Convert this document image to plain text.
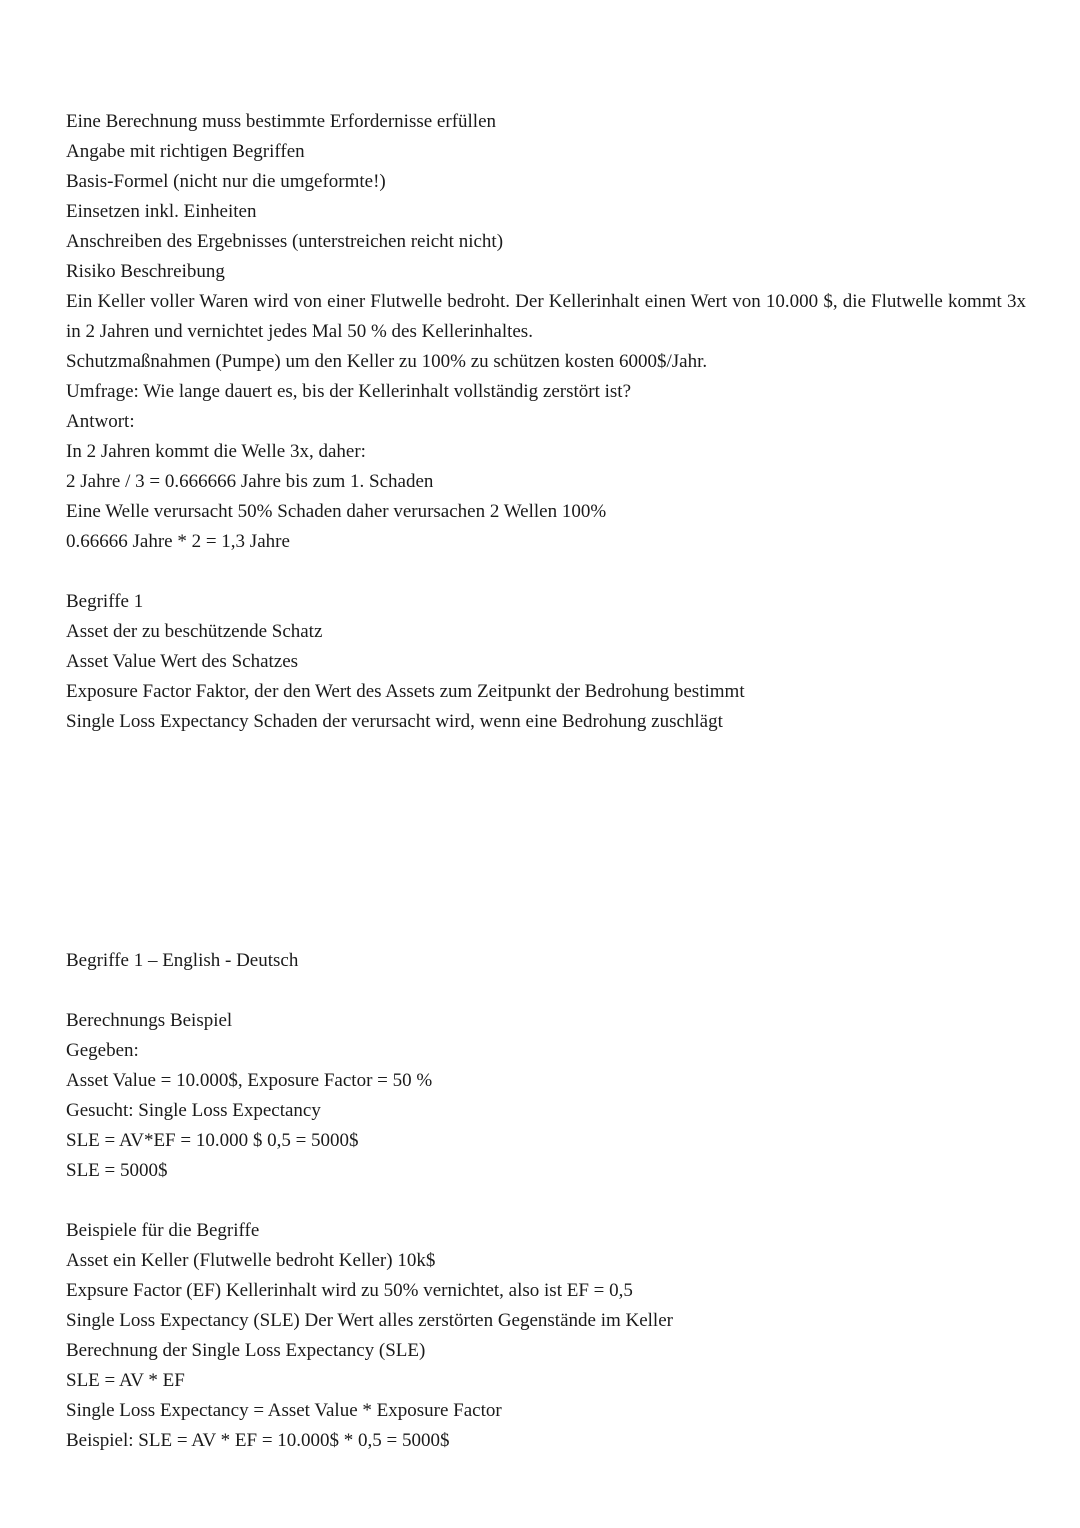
Eine Berechnung muss bestimmte Erfordernisse erfüllen
Angabe mit richtigen Begriffen
Basis-Formel (nicht nur die umgeformte!)
Einsetzen inkl. Einheiten
Anschreiben des Ergebnisses (unterstreichen reicht nicht)
Risiko Beschreibung
Ein Keller voller Waren wird von einer Flutwelle bedroht. Der Kellerinhalt einen Wert von 10.000 $, die Flutwelle kommt 3x in 2 Jahren und vernichtet jedes Mal 50 % des Kellerinhaltes.
Schutzmaßnahmen (Pumpe) um den Keller zu 100% zu schützen kosten 6000$/Jahr.
Umfrage: Wie lange dauert es, bis der Kellerinhalt vollständig zerstört ist?
Antwort:
In 2 Jahren kommt die Welle 3x, daher:
2 Jahre / 3 = 0.666666 Jahre bis zum 1. Schaden
Eine Welle verursacht 50% Schaden daher verursachen 2 Wellen 100%
0.66666 Jahre * 2 = 1,3 Jahre
Begriffe 1
Asset der zu beschützende Schatz
Asset Value Wert des Schatzes
Exposure Factor Faktor, der den Wert des Assets zum Zeitpunkt der Bedrohung bestimmt
Single Loss Expectancy Schaden der verursacht wird, wenn eine Bedrohung zuschlägt
Begriffe 1 – English - Deutsch
Berechnungs Beispiel
Gegeben:
Asset Value = 10.000$, Exposure Factor = 50 %
Gesucht: Single Loss Expectancy
SLE = AV*EF = 10.000 $ 0,5 = 5000$
SLE = 5000$
Beispiele für die Begriffe
Asset ein Keller (Flutwelle bedroht Keller) 10k$
Expsure Factor (EF) Kellerinhalt wird zu 50% vernichtet, also ist EF = 0,5
Single Loss Expectancy (SLE) Der Wert alles zerstörten Gegenstände im Keller
Berechnung der Single Loss Expectancy (SLE)
SLE = AV * EF
Single Loss Expectancy = Asset Value * Exposure Factor
Beispiel: SLE = AV * EF = 10.000$ * 0,5 = 5000$
